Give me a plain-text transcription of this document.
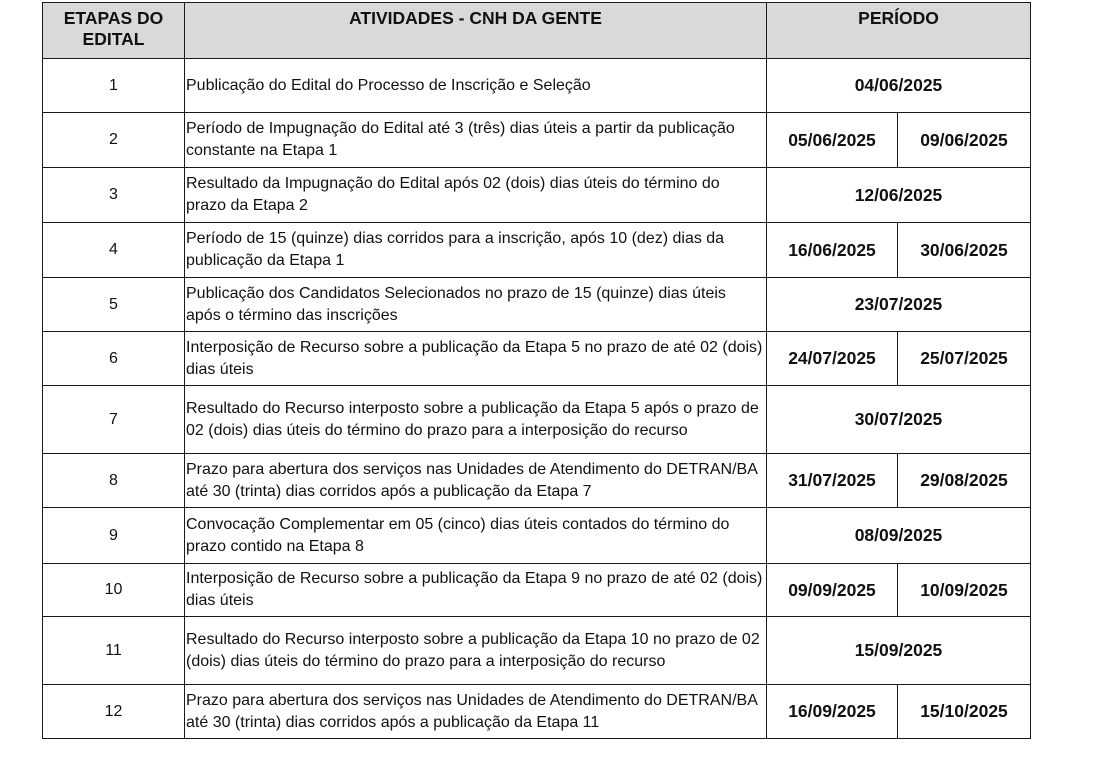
ETAPAS DO EDITAL	ATIVIDADES - CNH DA GENTE	PERÍODO	
1	Publicação do Edital do Processo de Inscrição e Seleção	04/06/2025	
2	Período de Impugnação do Edital até 3 (três) dias úteis a partir da publicação constante na Etapa 1	05/06/2025	09/06/2025
3	Resultado da Impugnação do Edital após 02 (dois) dias úteis do término do prazo da Etapa 2	12/06/2025	
4	Período de 15 (quinze) dias corridos para a inscrição, após 10 (dez) dias da publicação da Etapa 1	16/06/2025	30/06/2025
5	Publicação dos Candidatos Selecionados no prazo de 15 (quinze) dias úteis após o término das inscrições	23/07/2025	
6	Interposição de Recurso sobre a publicação da Etapa 5 no prazo de até 02 (dois) dias úteis	24/07/2025	25/07/2025
7	Resultado do Recurso interposto sobre a publicação da Etapa 5 após o prazo de 02 (dois) dias úteis do término do prazo para a interposição do recurso	30/07/2025	
8	Prazo para abertura dos serviços nas Unidades de Atendimento do DETRAN/BA até 30 (trinta) dias corridos após a publicação da Etapa 7	31/07/2025	29/08/2025
9	Convocação Complementar em 05 (cinco) dias úteis contados do término do prazo contido na Etapa 8	08/09/2025	
10	Interposição de Recurso sobre a publicação da Etapa 9 no prazo de até 02 (dois) dias úteis	09/09/2025	10/09/2025
11	Resultado do Recurso interposto sobre a publicação da Etapa 10 no prazo de 02 (dois) dias úteis do término do prazo para a interposição do recurso	15/09/2025	
12	Prazo para abertura dos serviços nas Unidades de Atendimento do DETRAN/BA até 30 (trinta) dias corridos após a publicação da Etapa 11	16/09/2025	15/10/2025
